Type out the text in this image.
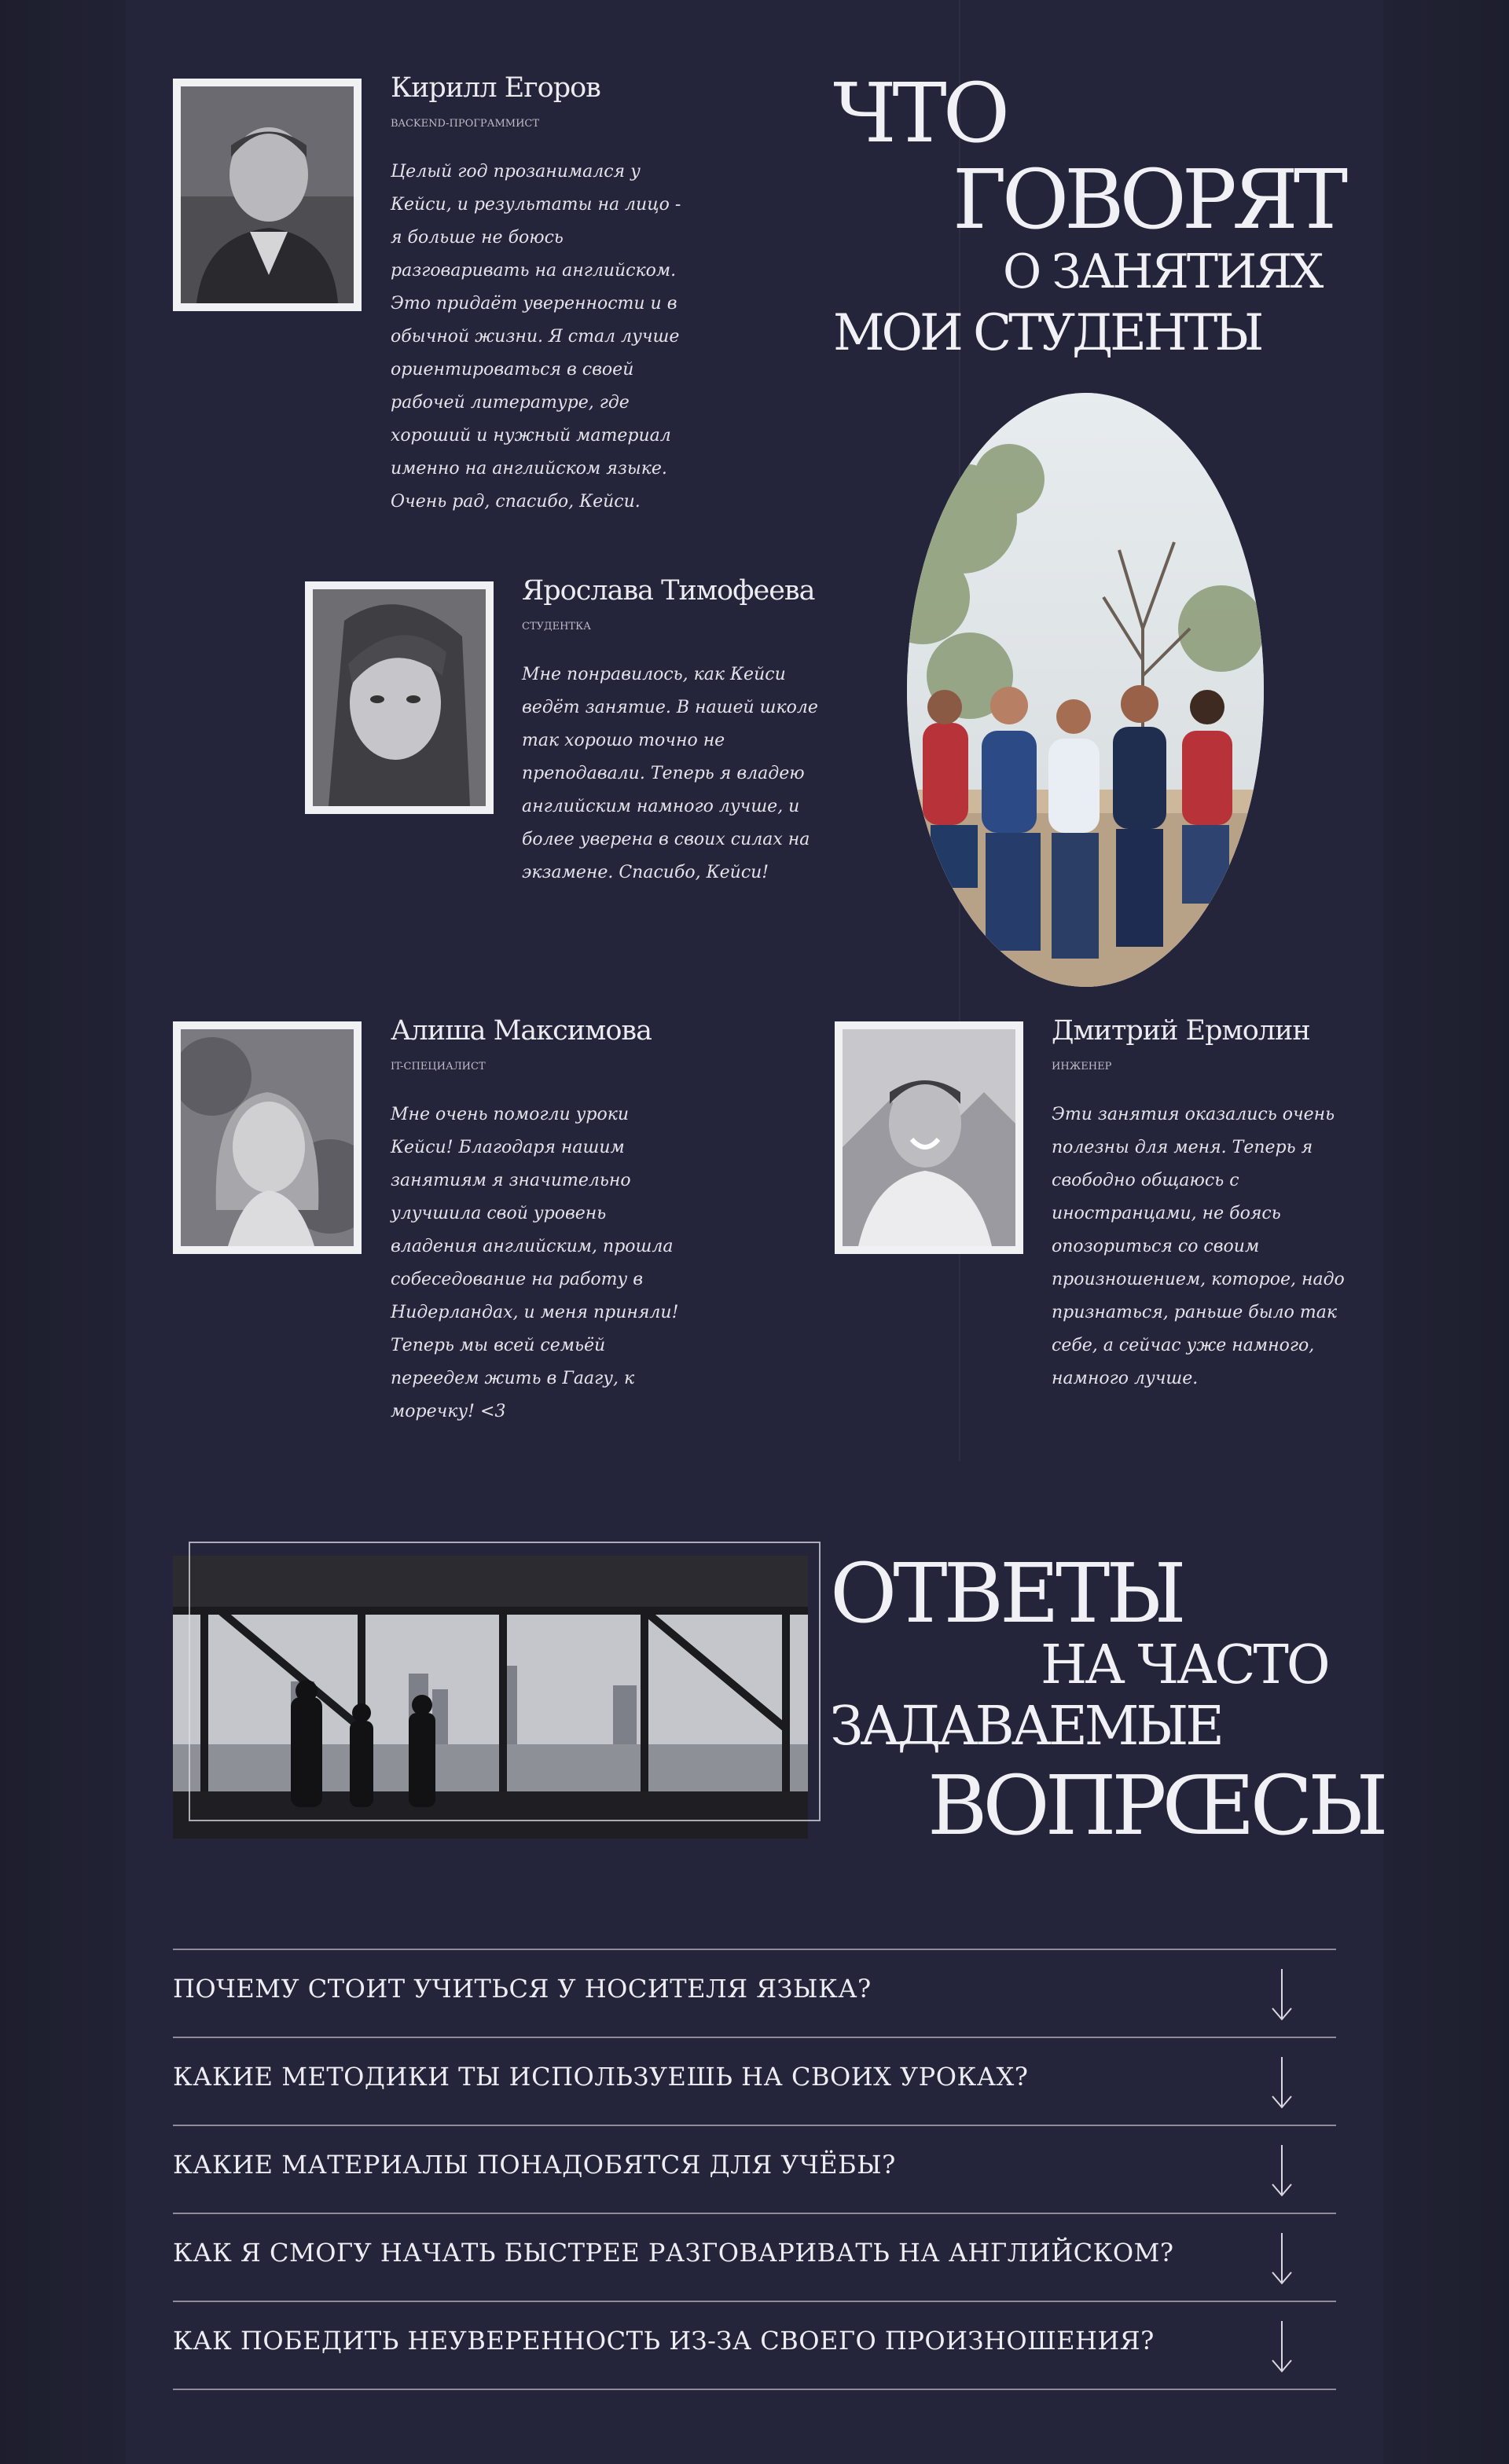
ЧТО
ГОВОРЯТ
О ЗАНЯТИЯХ
МОИ СТУДЕНТЫ
Кирилл Егоров
BACKEND-ПРОГРАММИСТ
Целый год прозанимался у Кейси, и результаты на лицо - я больше не боюсь разговаривать на английском. Это придаёт уверенности и в обычной жизни. Я стал лучше ориентироваться в своей рабочей литературе, где хороший и нужный материал именно на английском языке. Очень рад, спасибо, Кейси.
Ярослава Тимофеева
СТУДЕНТКА
Мне понравилось, как Кейси ведёт занятие. В нашей школе так хорошо точно не преподавали. Теперь я владею английским намного лучше, и более уверена в своих силах на экзамене. Спасибо, Кейси!
Алиша Максимова
IT-СПЕЦИАЛИСТ
Мне очень помогли уроки Кейси! Благодаря нашим занятиям я значительно улучшила свой уровень владения английским, прошла собеседование на работу в Нидерландах, и меня приняли! Теперь мы всей семьёй переедем жить в Гаагу, к моречку! <3
Дмитрий Ермолин
ИНЖЕНЕР
Эти занятия оказались очень полезны для меня. Теперь я свободно общаюсь с иностранцами, не боясь опозориться со своим произношением, которое, надо признаться, раньше было так себе, а сейчас уже намного, намного лучше.
ОТВЕТЫ
НА ЧАСТО
ЗАДАВАЕМЫЕ
ВОПРŒСЫ
ПОЧЕМУ СТОИТ УЧИТЬСЯ У НОСИТЕЛЯ ЯЗЫКА?
КАКИЕ МЕТОДИКИ ТЫ ИСПОЛЬЗУЕШЬ НА СВОИХ УРОКАХ?
КАКИЕ МАТЕРИАЛЫ ПОНАДОБЯТСЯ ДЛЯ УЧЁБЫ?
КАК Я СМОГУ НАЧАТЬ БЫСТРЕЕ РАЗГОВАРИВАТЬ НА АНГЛИЙСКОМ?
КАК ПОБЕДИТЬ НЕУВЕРЕННОСТЬ ИЗ-ЗА СВОЕГО ПРОИЗНОШЕНИЯ?
